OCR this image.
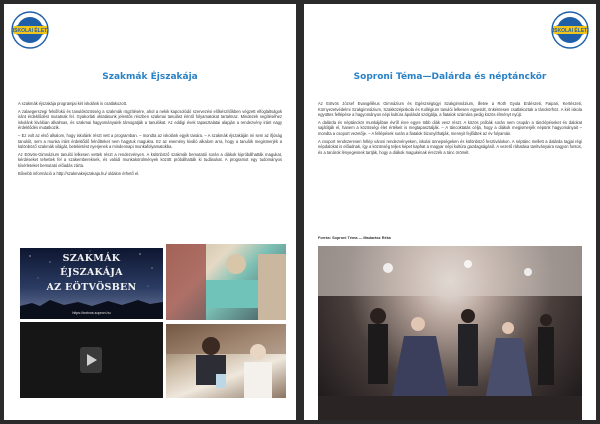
ISKOLAI ÉLET
Szakmák Éjszakája

A szakmák éjszakája programjai két iskolánk is csatlakozott.

A zalaegerszegi felsőfokú és tanulóközösség a szakmák rögzítésére, ahol a nekik kapcsolódó szervezési előkészítőkben végzett elfoglaltságok iránt érdeklődést mutatnak fel. Gyakorlati oktatásunk jelentős részben szakmai tanulást érintő folyamatokat tartalmaz. Mindezek segítéséhez iskolánk kiválóan alkalmas, és szakmai hagyományaink támogatják a tanulókat. Az eddigi évek tapasztalatai alapján a rendezvény iránt nagy érdeklődés mutatkozik.

– Ez volt az első alkalom, hogy iskolánk részt vett a programban. – mondta az iskolánk egyik tanára. – A szakmák éjszakáján mi sem az ifjúság tanulóit, sem a munka iránt érdeklődő felnőtteket nem hagytuk magukra. Ez az esemény kiváló alkalom arra, hogy a tanulók megismerjék a különböző szakmák világát, betekintést nyerjenek a mindennapi munkafolyamatokba.

Az Eötvös-Gimnázium tanulói lelkesen vettek részt a rendezvényen. A különböző szakmák bemutatói során a diákok kipróbálhatták magukat, kérdéseket tehettek fel a szakembereknek, és valódi munkakörülmények között próbálhatták ki tudásukat. A programot egy tudományos kísérleteket bemutató előadás zárta.

Bővebb információ a http://szakmakejszakaja.hu/ oldalon érhető el.

SZAKMÁK
ÉJSZAKÁJA
AZ EÖTVÖSBEN
https://eotvos.sopron.hu
ISKOLAI ÉLET
Soproni Téma—Dalárda és néptánckör

Az Eötvös József Evangélikus Gimnázium és Egészségügyi Szakgimnázium, illetve a Roth Gyula Erdészeti, Faipari, Kertészeti, Környezetvédelmi Szakgimnázium, Szakközépiskola és Kollégium tanulói lelkesen egyesült, önkéntesen csatlakoztak a tánckörhöz. A két iskola együttes fellépése a hagyományos népi kultúra ápolását szolgálja, a fiatalok számára pedig közös élményt nyújt.

A dalárda és néptánckör munkájában évről évre egyre több diák vesz részt. A közös próbák során nem csupán a tánclépéseket és dalokat sajátítják el, hanem a közösségi élet értékeit is megtapasztalják. – A táncoktatás célja, hogy a diákok megismerjék népünk hagyományait – mondta a csoport vezetője. – A fellépések során a fiatalok bizonyíthatják, mennyit fejlődtek az év folyamán.

A csoport rendszeresen fellép városi rendezvényeken, iskolai ünnepségeken és különböző fesztiválokon. A néptánc mellett a dalárda tagjai régi népdalokat is előadnak, így a közönség teljes képet kaphat a magyar népi kultúra gazdagságáról. A vezető ráhatása tanítványaira nagyon fontos, és a tanárok lényegesnek tartják, hogy a diákok magukénak érezzék a tánc örömét.

Forrás: Soproni Téma — Madarász Réka
